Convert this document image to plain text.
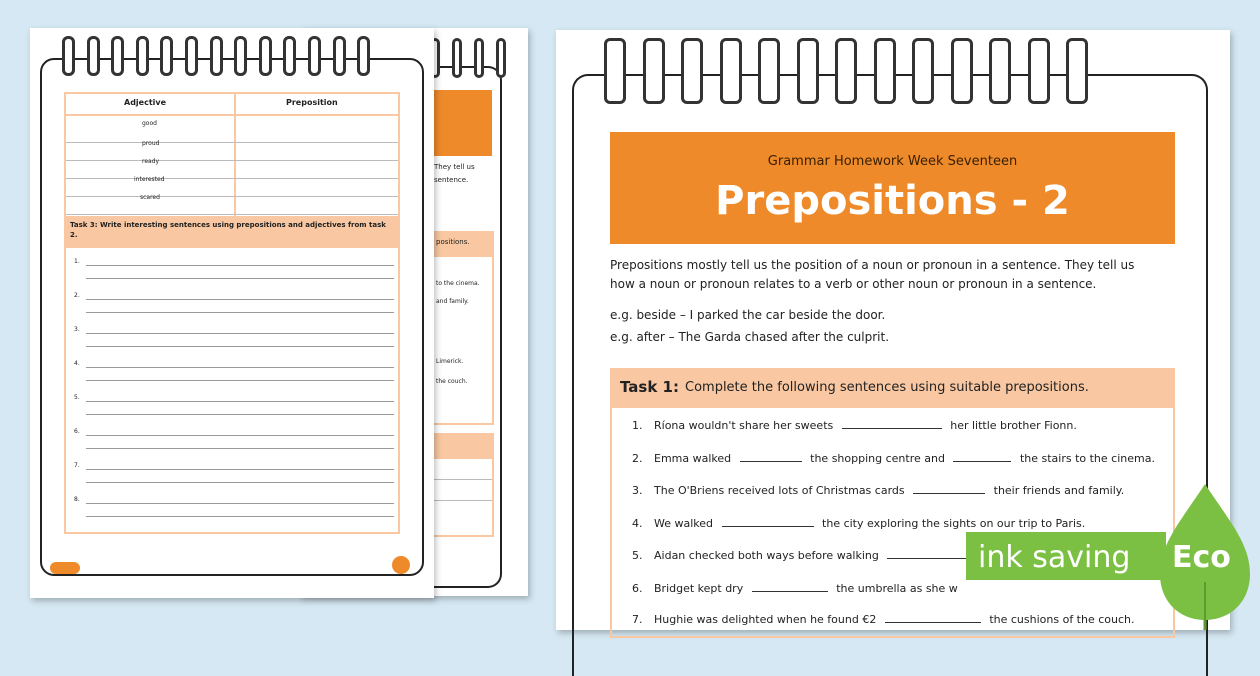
They tell us
sentence.
positions.
to the cinema.
and family.
Limerick.
the couch.
Adjective	Preposition
good
proud
ready
interested
scared
Task 3: Write interesting sentences using prepositions and adjectives from task 2.
1.
2.
3.
4.
5.
6.
7.
8.
Grammar Homework Week Seventeen
Prepositions - 2
Prepositions mostly tell us the position of a noun or pronoun in a sentence. They tell us
how a noun or pronoun relates to a verb or other noun or pronoun in a sentence.
e.g. beside – I parked the car beside the door.
e.g. after – The Garda chased after the culprit.
Task 1: Complete the following sentences using suitable prepositions.
1. Ríona wouldn't share her sweets	her little brother Fionn.
2. Emma walked	the shopping centre and	the stairs to the cinema.
3. The O'Briens received lots of Christmas cards	their friends and family.
4. We walked	the city exploring the sights on our trip to Paris.
5. Aidan checked both ways before walking
6. Bridget kept dry	the umbrella as she w
7. Hughie was delighted when he found €2	the cushions of the couch.
ink saving Eco
